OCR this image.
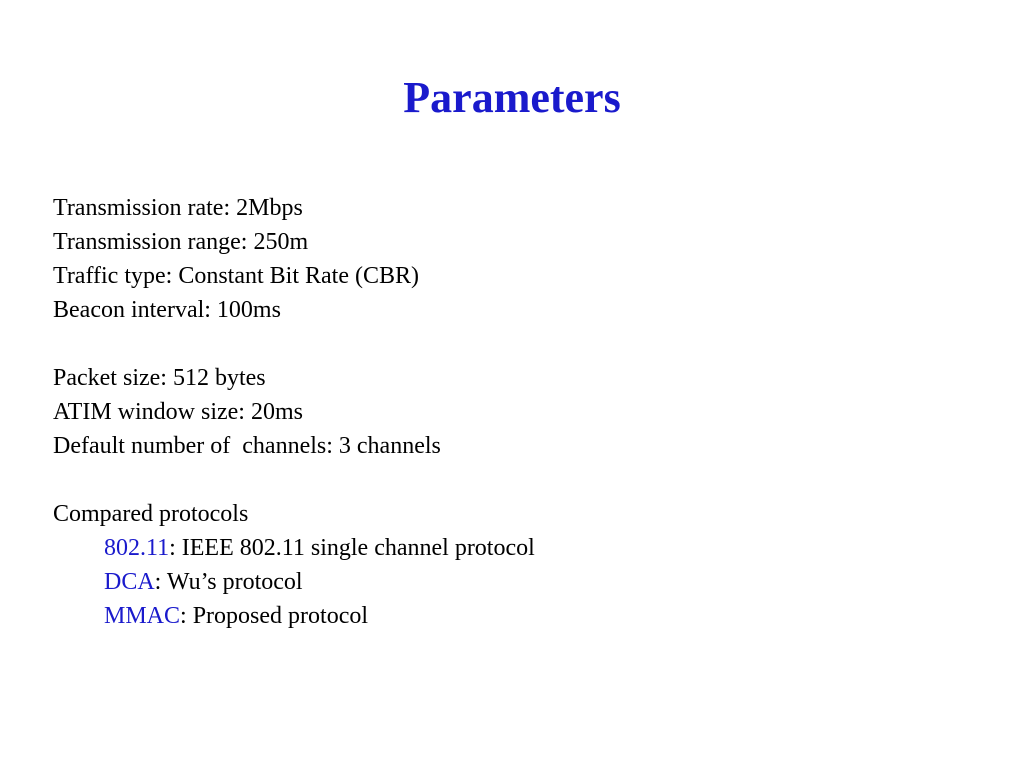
Parameters
Transmission rate: 2Mbps
Transmission range: 250m
Traffic type: Constant Bit Rate (CBR)
Beacon interval: 100ms
Packet size: 512 bytes
ATIM window size: 20ms
Default number of  channels: 3 channels
Compared protocols
802.11: IEEE 802.11 single channel protocol
DCA: Wu’s protocol
MMAC: Proposed protocol
